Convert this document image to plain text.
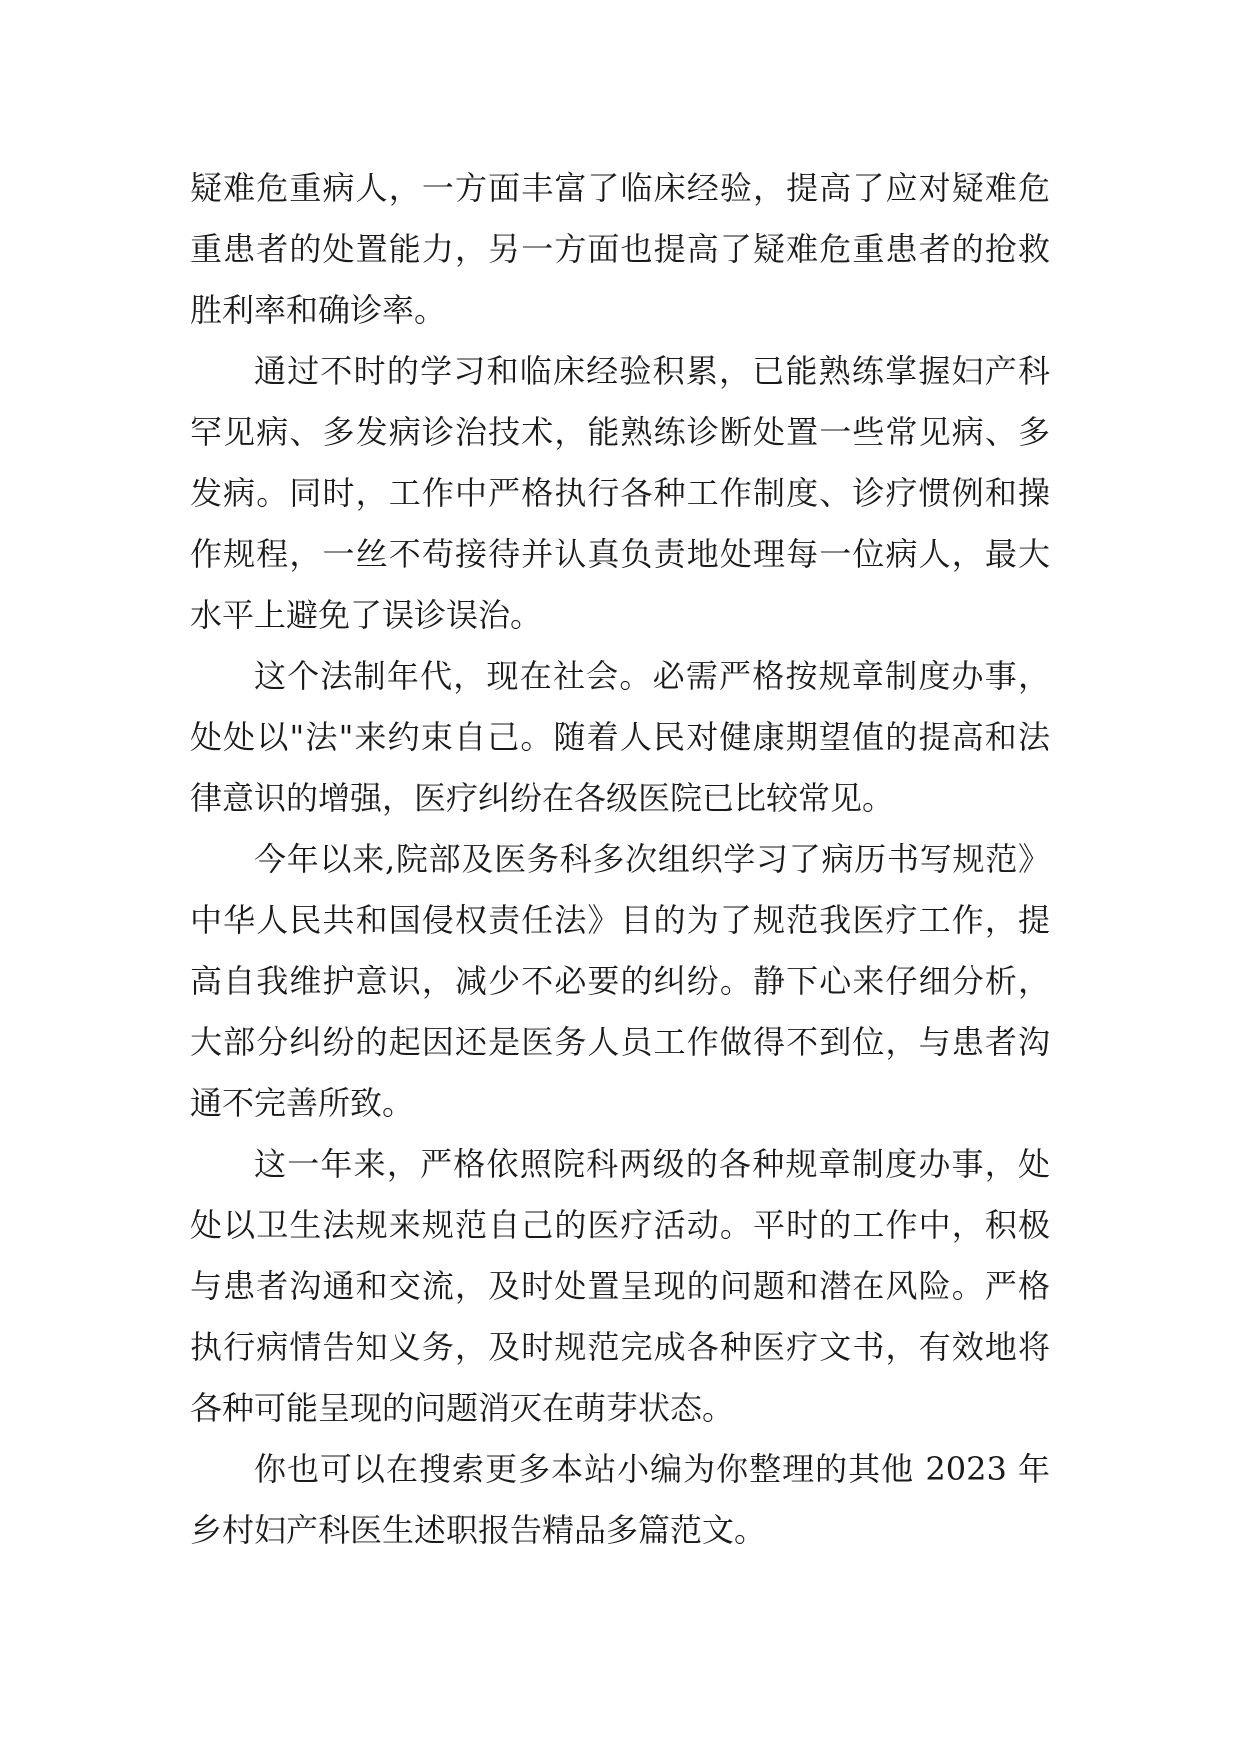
疑难危重病人，一方面丰富了临床经验，提高了应对疑难危重患者的处置能力，另一方面也提高了疑难危重患者的抢救胜利率和确诊率。

通过不时的学习和临床经验积累，已能熟练掌握妇产科罕见病、多发病诊治技术，能熟练诊断处置一些常见病、多发病。同时，工作中严格执行各种工作制度、诊疗惯例和操作规程，一丝不苟接待并认真负责地处理每一位病人，最大水平上避免了误诊误治。

这个法制年代，现在社会。必需严格按规章制度办事，处处以"法"来约束自己。随着人民对健康期望值的提高和法律意识的增强，医疗纠纷在各级医院已比较常见。

今年以来,院部及医务科多次组织学习了病历书写规范》中华人民共和国侵权责任法》目的为了规范我医疗工作，提高自我维护意识，减少不必要的纠纷。静下心来仔细分析，大部分纠纷的起因还是医务人员工作做得不到位，与患者沟通不完善所致。

这一年来，严格依照院科两级的各种规章制度办事，处处以卫生法规来规范自己的医疗活动。平时的工作中，积极与患者沟通和交流，及时处置呈现的问题和潜在风险。严格执行病情告知义务，及时规范完成各种医疗文书，有效地将各种可能呈现的问题消灭在萌芽状态。

你也可以在搜索更多本站小编为你整理的其他 2023 年乡村妇产科医生述职报告精品多篇范文。
